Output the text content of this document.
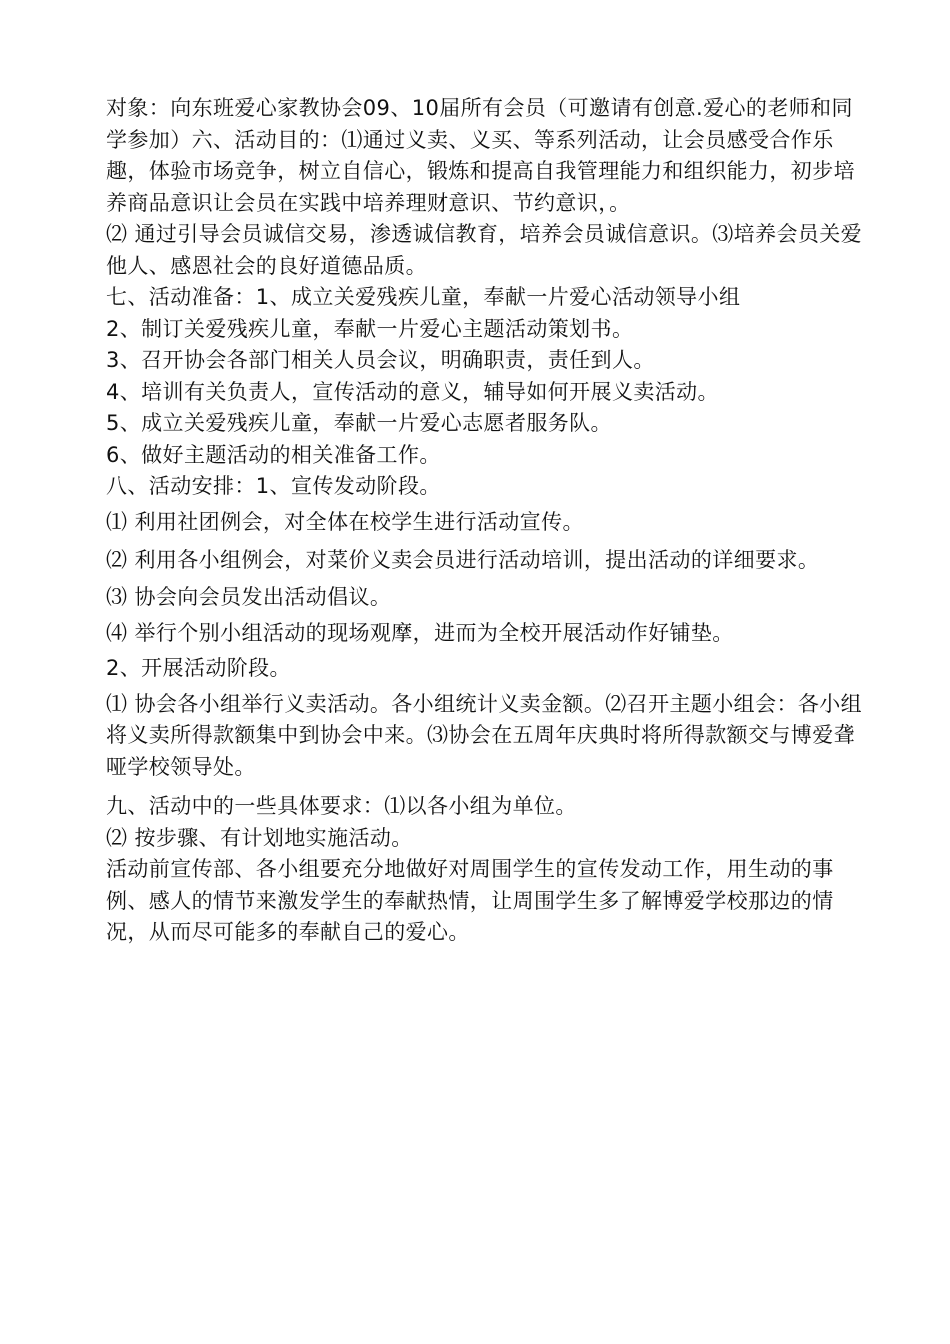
对象：向东班爱心家教协会09、10届所有会员（可邀请有创意.爱心的老师和同学参加）六、活动目的：⑴通过义卖、义买、等系列活动，让会员感受合作乐趣，体验市场竞争，树立自信心，锻炼和提高自我管理能力和组织能力，初步培养商品意识让会员在实践中培养理财意识、节约意识，。

⑵ 通过引导会员诚信交易，渗透诚信教育，培养会员诚信意识。⑶培养会员关爱他人、感恩社会的良好道德品质。

七、活动准备：1、成立关爱残疾儿童，奉献一片爱心活动领导小组

2、制订关爱残疾儿童，奉献一片爱心主题活动策划书。

3、召开协会各部门相关人员会议，明确职责，责任到人。

4、培训有关负责人，宣传活动的意义，辅导如何开展义卖活动。

5、成立关爱残疾儿童，奉献一片爱心志愿者服务队。

6、做好主题活动的相关准备工作。

八、活动安排：1、宣传发动阶段。

⑴ 利用社团例会，对全体在校学生进行活动宣传。

⑵ 利用各小组例会，对菜价义卖会员进行活动培训，提出活动的详细要求。

⑶ 协会向会员发出活动倡议。

⑷ 举行个别小组活动的现场观摩，进而为全校开展活动作好铺垫。

2、开展活动阶段。

⑴ 协会各小组举行义卖活动。各小组统计义卖金额。⑵召开主题小组会：各小组将义卖所得款额集中到协会中来。⑶协会在五周年庆典时将所得款额交与博爱聋哑学校领导处。

九、活动中的一些具体要求：⑴以各小组为单位。

⑵ 按步骤、有计划地实施活动。

活动前宣传部、各小组要充分地做好对周围学生的宣传发动工作，用生动的事例、感人的情节来激发学生的奉献热情，让周围学生多了解博爱学校那边的情况，从而尽可能多的奉献自己的爱心。
